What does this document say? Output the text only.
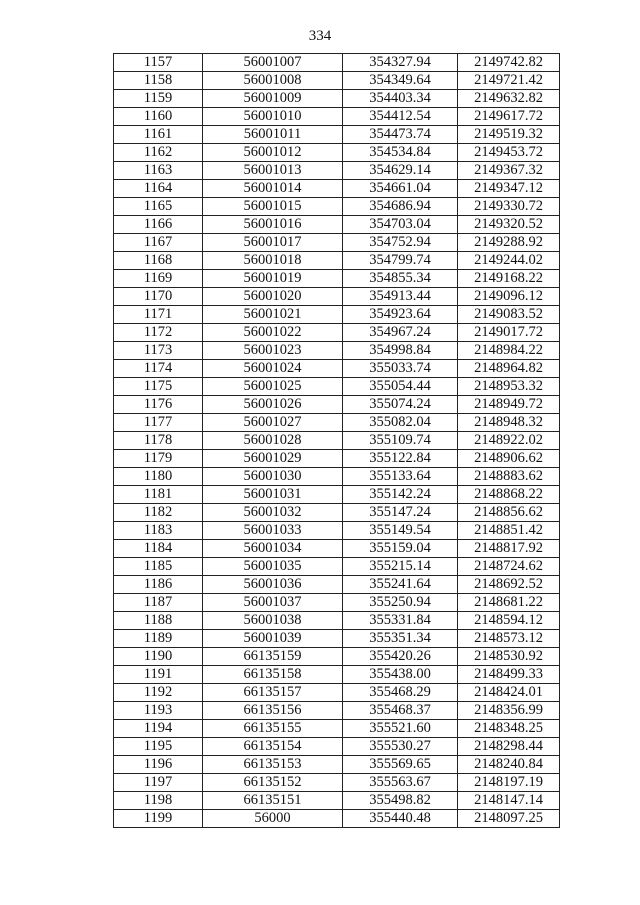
334
1157	56001007	354327.94	2149742.82
1158	56001008	354349.64	2149721.42
1159	56001009	354403.34	2149632.82
1160	56001010	354412.54	2149617.72
1161	56001011	354473.74	2149519.32
1162	56001012	354534.84	2149453.72
1163	56001013	354629.14	2149367.32
1164	56001014	354661.04	2149347.12
1165	56001015	354686.94	2149330.72
1166	56001016	354703.04	2149320.52
1167	56001017	354752.94	2149288.92
1168	56001018	354799.74	2149244.02
1169	56001019	354855.34	2149168.22
1170	56001020	354913.44	2149096.12
1171	56001021	354923.64	2149083.52
1172	56001022	354967.24	2149017.72
1173	56001023	354998.84	2148984.22
1174	56001024	355033.74	2148964.82
1175	56001025	355054.44	2148953.32
1176	56001026	355074.24	2148949.72
1177	56001027	355082.04	2148948.32
1178	56001028	355109.74	2148922.02
1179	56001029	355122.84	2148906.62
1180	56001030	355133.64	2148883.62
1181	56001031	355142.24	2148868.22
1182	56001032	355147.24	2148856.62
1183	56001033	355149.54	2148851.42
1184	56001034	355159.04	2148817.92
1185	56001035	355215.14	2148724.62
1186	56001036	355241.64	2148692.52
1187	56001037	355250.94	2148681.22
1188	56001038	355331.84	2148594.12
1189	56001039	355351.34	2148573.12
1190	66135159	355420.26	2148530.92
1191	66135158	355438.00	2148499.33
1192	66135157	355468.29	2148424.01
1193	66135156	355468.37	2148356.99
1194	66135155	355521.60	2148348.25
1195	66135154	355530.27	2148298.44
1196	66135153	355569.65	2148240.84
1197	66135152	355563.67	2148197.19
1198	66135151	355498.82	2148147.14
1199	56000	355440.48	2148097.25
